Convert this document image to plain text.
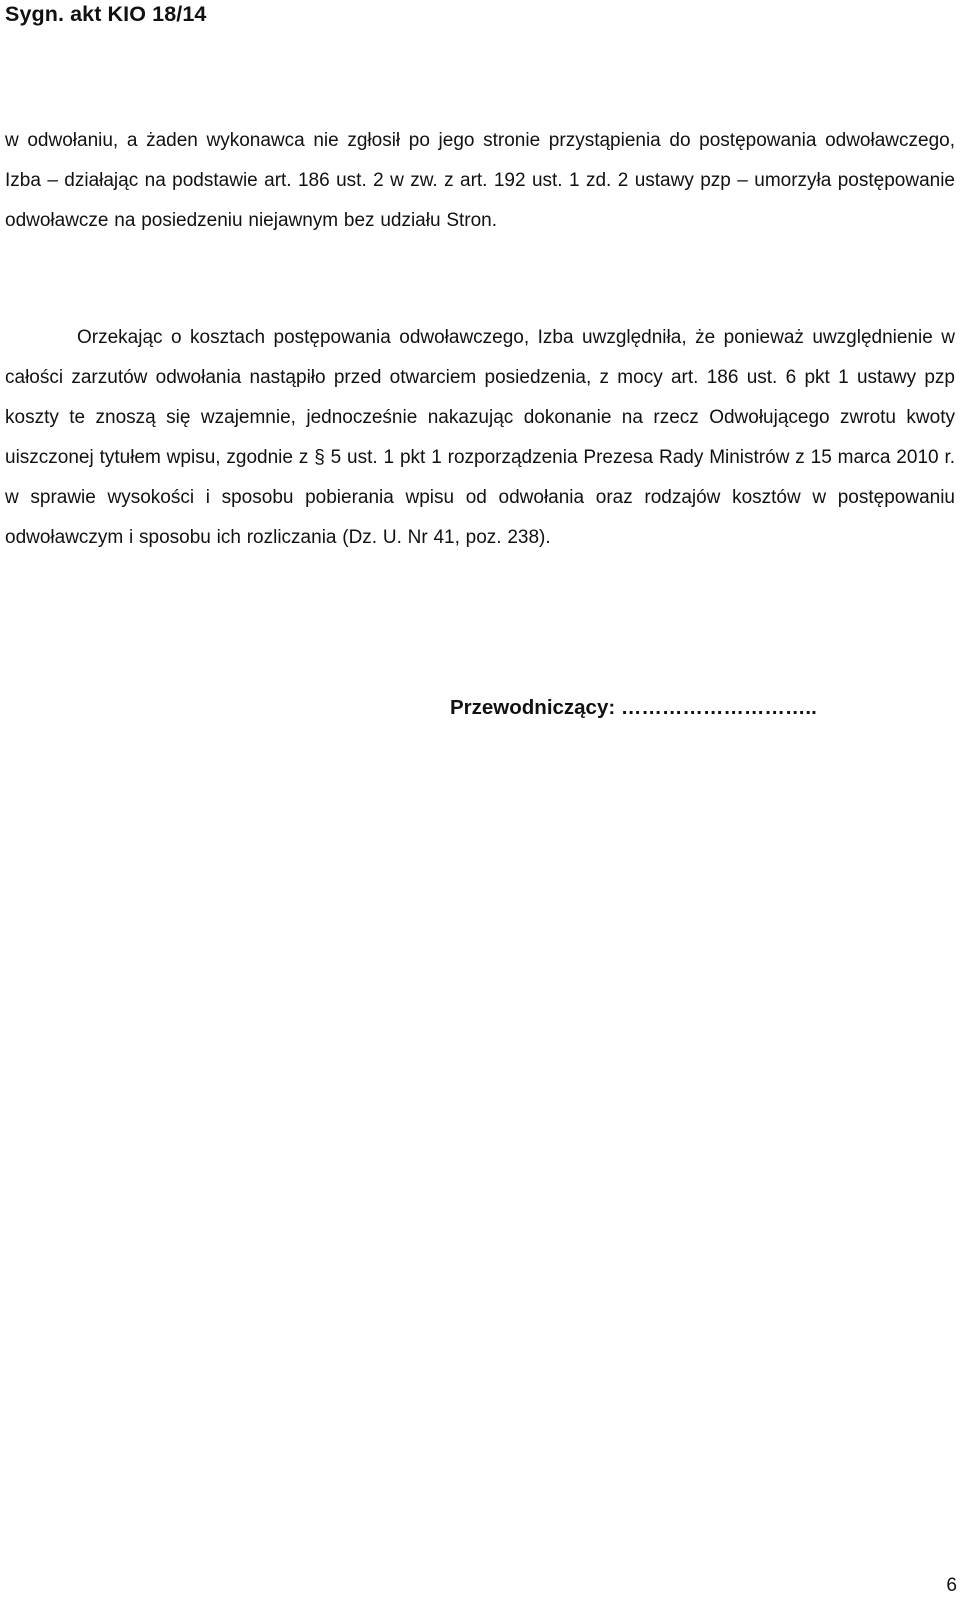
Sygn. akt KIO 18/14

w odwołaniu, a żaden wykonawca nie zgłosił po jego stronie przystąpienia do postępowania odwoławczego, Izba – działając na podstawie art. 186 ust. 2 w zw. z art. 192 ust. 1 zd. 2 ustawy pzp – umorzyła postępowanie odwoławcze na posiedzeniu niejawnym bez udziału Stron.

Orzekając o kosztach postępowania odwoławczego, Izba uwzględniła, że ponieważ uwzględnienie w całości zarzutów odwołania nastąpiło przed otwarciem posiedzenia, z mocy art. 186 ust. 6 pkt 1 ustawy pzp koszty te znoszą się wzajemnie, jednocześnie nakazując dokonanie na rzecz Odwołującego zwrotu kwoty uiszczonej tytułem wpisu, zgodnie z § 5 ust. 1 pkt 1 rozporządzenia Prezesa Rady Ministrów z 15 marca 2010 r. w sprawie wysokości i sposobu pobierania wpisu od odwołania oraz rodzajów kosztów w postępowaniu odwoławczym i sposobu ich rozliczania (Dz. U. Nr 41, poz. 238).

Przewodniczący: ………………………..
6
